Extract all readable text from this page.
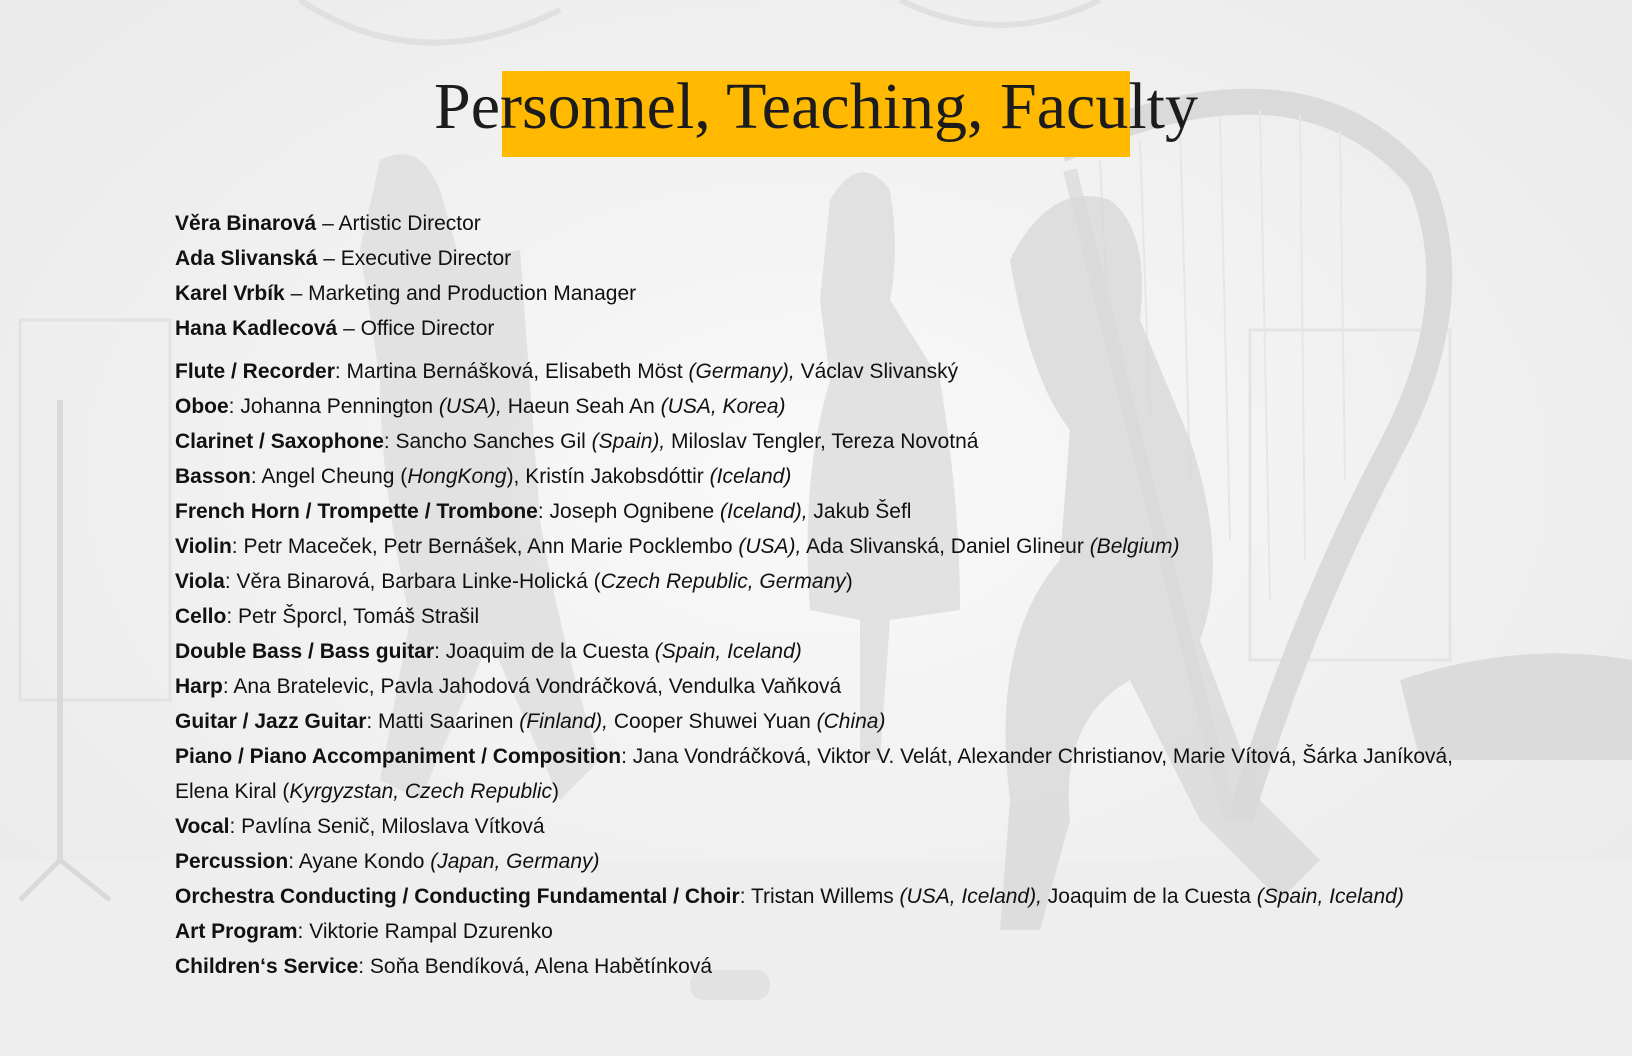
Personnel, Teaching, Faculty
Věra Binarová – Artistic Director
Ada Slivanská – Executive Director
Karel Vrbík – Marketing and Production Manager
Hana Kadlecová – Office Director
Flute / Recorder: Martina Bernášková, Elisabeth Möst (Germany), Václav Slivanský
Oboe: Johanna Pennington (USA), Haeun Seah An (USA, Korea)
Clarinet / Saxophone: Sancho Sanches Gil (Spain), Miloslav Tengler, Tereza Novotná
Basson: Angel Cheung (HongKong), Kristín Jakobsdóttir (Iceland)
French Horn / Trompette / Trombone: Joseph Ognibene (Iceland), Jakub Šefl
Violin: Petr Maceček, Petr Bernášek, Ann Marie Pocklembo (USA), Ada Slivanská, Daniel Glineur (Belgium)
Viola: Věra Binarová, Barbara Linke-Holická (Czech Republic, Germany)
Cello: Petr Šporcl, Tomáš Strašil
Double Bass / Bass guitar: Joaquim de la Cuesta (Spain, Iceland)
Harp: Ana Bratelevic, Pavla Jahodová Vondráčková, Vendulka Vaňková
Guitar / Jazz Guitar: Matti Saarinen (Finland), Cooper Shuwei Yuan (China)
Piano / Piano Accompaniment / Composition: Jana Vondráčková, Viktor V. Velát, Alexander Christianov, Marie Vítová, Šárka Janíková,
Elena Kiral (Kyrgyzstan, Czech Republic)
Vocal: Pavlína Senič, Miloslava Vítková
Percussion: Ayane Kondo (Japan, Germany)
Orchestra Conducting / Conducting Fundamental / Choir: Tristan Willems (USA, Iceland), Joaquim de la Cuesta (Spain, Iceland)
Art Program: Viktorie Rampal Dzurenko
Children‘s Service: Soňa Bendíková, Alena Habětínková
